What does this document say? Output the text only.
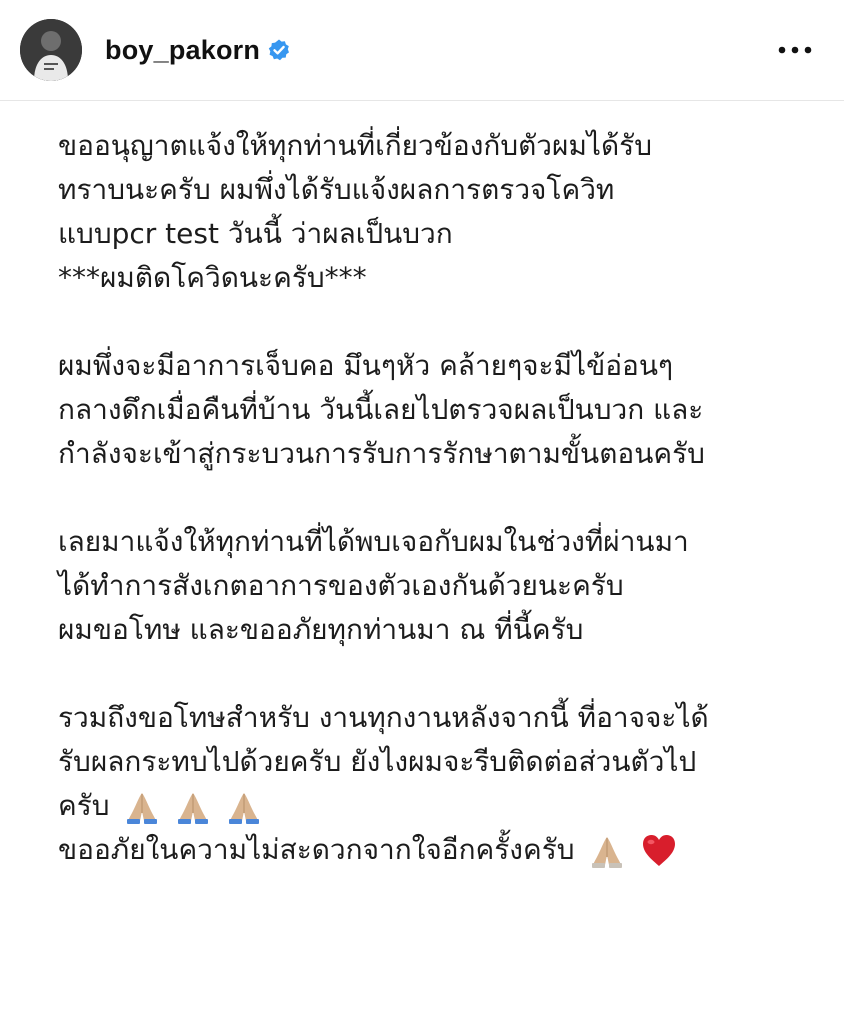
boy_pakorn
ขออนุญาตแจ้งให้ทุกท่านที่เกี่ยวข้องกับตัวผมได้รับ
ทราบนะครับ ผมพึ่งได้รับแจ้งผลการตรวจโควิท
แบบpcr test วันนี้ ว่าผลเป็นบวก
***ผมติดโควิดนะครับ***
ผมพึ่งจะมีอาการเจ็บคอ มึนๆหัว คล้ายๆจะมีไข้อ่อนๆ
กลางดึกเมื่อคืนที่บ้าน วันนี้เลยไปตรวจผลเป็นบวก และ
กำลังจะเข้าสู่กระบวนการรับการรักษาตามขั้นตอนครับ
เลยมาแจ้งให้ทุกท่านที่ได้พบเจอกับผมในช่วงที่ผ่านมา
ได้ทำการสังเกตอาการของตัวเองกันด้วยนะครับ
ผมขอโทษ และขออภัยทุกท่านมา ณ ที่นี้ครับ
รวมถึงขอโทษสำหรับ งานทุกงานหลังจากนี้ ที่อาจจะได้
รับผลกระทบไปด้วยครับ ยังไงผมจะรีบติดต่อส่วนตัวไป
ครับ

ขออภัยในความไม่สะดวกจากใจอีกครั้งครับ
